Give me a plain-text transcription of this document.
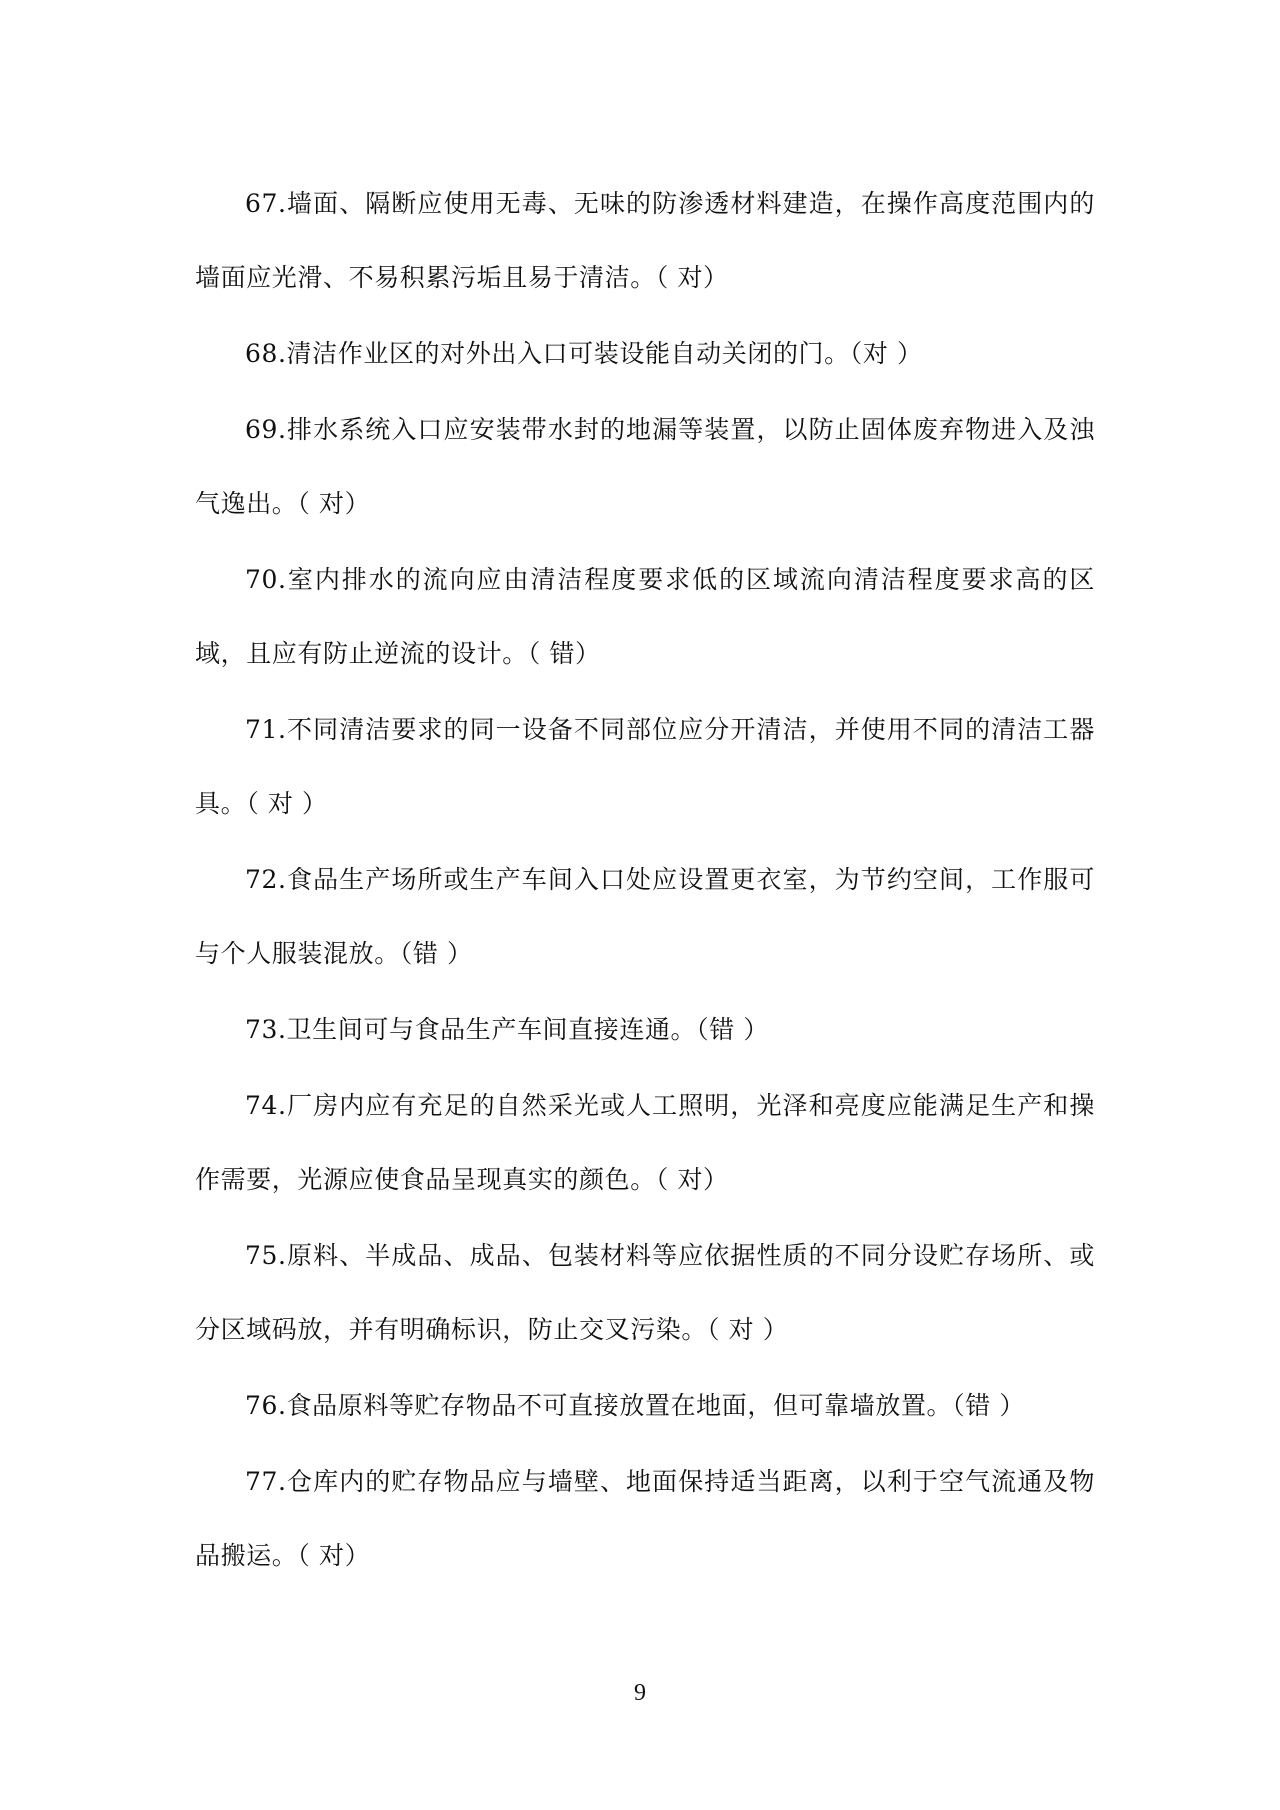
67.墙面、隔断应使用无毒、无味的防渗透材料建造，在操作高度范围内的墙面应光滑、不易积累污垢且易于清洁。（ 对）

68.清洁作业区的对外出入口可装设能自动关闭的门。（对 ）

69.排水系统入口应安装带水封的地漏等装置，以防止固体废弃物进入及浊气逸出。（ 对）

70.室内排水的流向应由清洁程度要求低的区域流向清洁程度要求高的区域，且应有防止逆流的设计。（ 错）

71.不同清洁要求的同一设备不同部位应分开清洁，并使用不同的清洁工器具。（ 对 ）

72.食品生产场所或生产车间入口处应设置更衣室，为节约空间，工作服可与个人服装混放。（错 ）

73.卫生间可与食品生产车间直接连通。（错 ）

74.厂房内应有充足的自然采光或人工照明，光泽和亮度应能满足生产和操作需要，光源应使食品呈现真实的颜色。（ 对）

75.原料、半成品、成品、包装材料等应依据性质的不同分设贮存场所、或分区域码放，并有明确标识，防止交叉污染。（ 对 ）

76.食品原料等贮存物品不可直接放置在地面，但可靠墙放置。（错 ）

77.仓库内的贮存物品应与墙壁、地面保持适当距离，以利于空气流通及物品搬运。（ 对）

9
